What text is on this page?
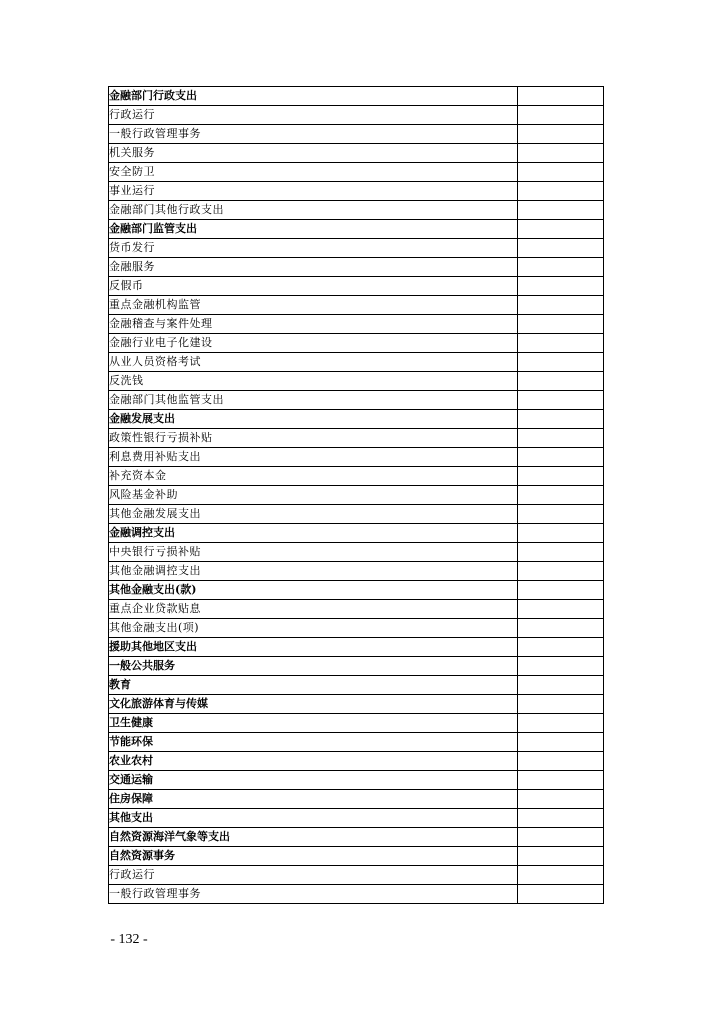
金融部门行政支出	
行政运行	
一般行政管理事务	
机关服务	
安全防卫	
事业运行	
金融部门其他行政支出	
金融部门监管支出	
货币发行	
金融服务	
反假币	
重点金融机构监管	
金融稽查与案件处理	
金融行业电子化建设	
从业人员资格考试	
反洗钱	
金融部门其他监管支出	
金融发展支出	
政策性银行亏损补贴	
利息费用补贴支出	
补充资本金	
风险基金补助	
其他金融发展支出	
金融调控支出	
中央银行亏损补贴	
其他金融调控支出	
其他金融支出(款)	
重点企业贷款贴息	
其他金融支出(项)	
援助其他地区支出	
一般公共服务	
教育	
文化旅游体育与传媒	
卫生健康	
节能环保	
农业农村	
交通运输	
住房保障	
其他支出	
自然资源海洋气象等支出	
自然资源事务	
行政运行	
一般行政管理事务	
- 132 -
